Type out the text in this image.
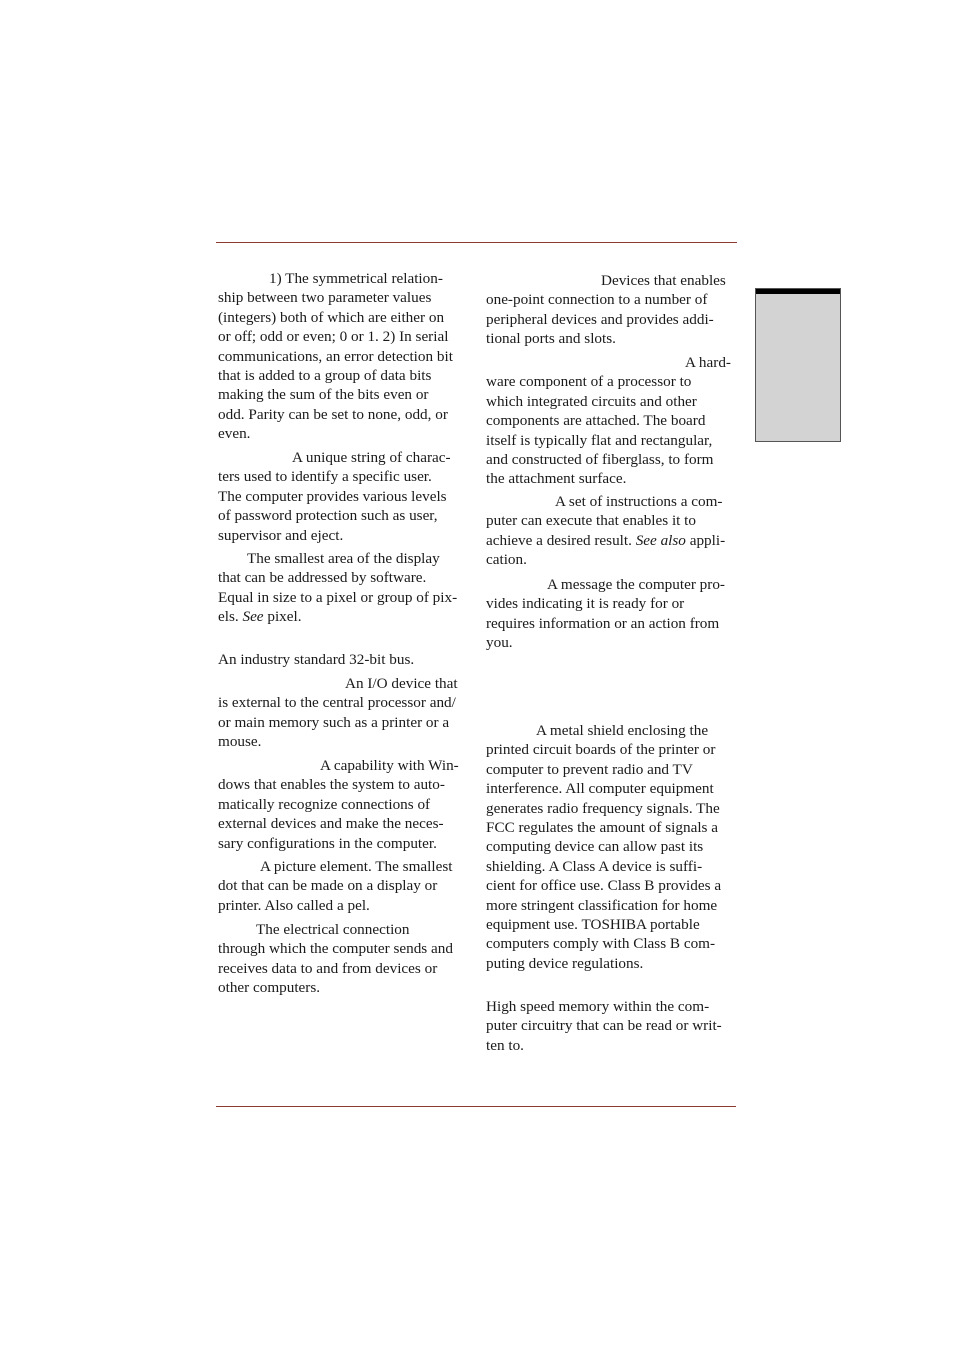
1) The symmetrical relation-
ship between two parameter values
(integers) both of which are either on
or off; odd or even; 0 or 1. 2) In serial
communications, an error detection bit
that is added to a group of data bits
making the sum of the bits even or
odd. Parity can be set to none, odd, or
even.
A unique string of charac-
ters used to identify a specific user.
The computer provides various levels
of password protection such as user,
supervisor and eject.
The smallest area of the display
that can be addressed by software.
Equal in size to a pixel or group of pix-
els. See pixel.
An industry standard 32-bit bus.
An I/O device that
is external to the central processor and/
or main memory such as a printer or a
mouse.
A capability with Win-
dows that enables the system to auto-
matically recognize connections of
external devices and make the neces-
sary configurations in the computer.
A picture element. The smallest
dot that can be made on a display or
printer. Also called a pel.
The electrical connection
through which the computer sends and
receives data to and from devices or
other computers.
Devices that enables
one-point connection to a number of
peripheral devices and provides addi-
tional ports and slots.
A hard-
ware component of a processor to
which integrated circuits and other
components are attached. The board
itself is typically flat and rectangular,
and constructed of fiberglass, to form
the attachment surface.
A set of instructions a com-
puter can execute that enables it to
achieve a desired result. See also appli-
cation.
A message the computer pro-
vides indicating it is ready for or
requires information or an action from
you.
A metal shield enclosing the
printed circuit boards of the printer or
computer to prevent radio and TV
interference. All computer equipment
generates radio frequency signals. The
FCC regulates the amount of signals a
computing device can allow past its
shielding. A Class A device is suffi-
cient for office use. Class B provides a
more stringent classification for home
equipment use. TOSHIBA portable
computers comply with Class B com-
puting device regulations.
High speed memory within the com-
puter circuitry that can be read or writ-
ten to.
